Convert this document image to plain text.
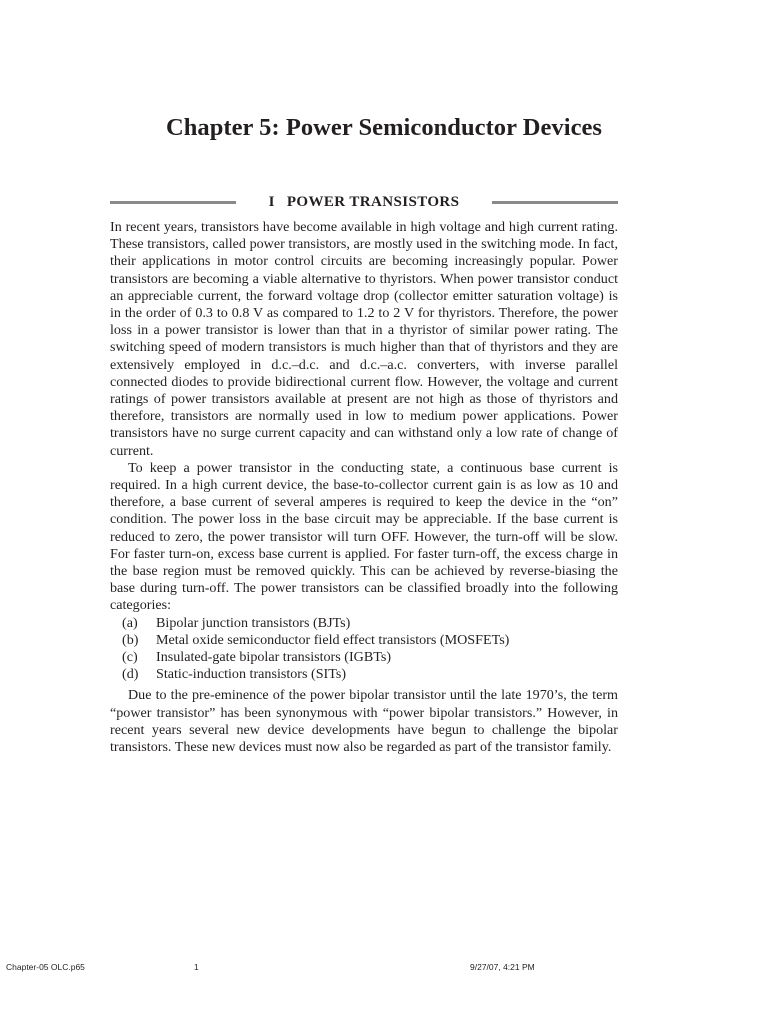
Chapter 5: Power Semiconductor Devices
I POWER TRANSISTORS

In recent years, transistors have become available in high voltage and high current rating. These transistors, called power transistors, are mostly used in the switching mode. In fact, their applications in motor control circuits are becoming increasingly popular. Power transistors are becoming a viable alternative to thyristors. When power transistor conduct an appreciable current, the forward voltage drop (collector emitter saturation voltage) is in the order of 0.3 to 0.8 V as compared to 1.2 to 2 V for thyristors. Therefore, the power loss in a power transistor is lower than that in a thyristor of similar power rating. The switching speed of modern transistors is much higher than that of thyristors and they are extensively employed in d.c.–d.c. and d.c.–a.c. converters, with inverse parallel connected diodes to provide bidirectional current flow. However, the voltage and current ratings of power transistors available at present are not high as those of thyristors and therefore, transistors are normally used in low to medium power applications. Power transistors have no surge current capacity and can withstand only a low rate of change of current.

To keep a power transistor in the conducting state, a continuous base current is required. In a high current device, the base-to-collector current gain is as low as 10 and therefore, a base current of several amperes is required to keep the device in the “on” condition. The power loss in the base circuit may be appreciable. If the base current is reduced to zero, the power transistor will turn OFF. However, the turn-off will be slow. For faster turn-on, excess base current is applied. For faster turn-off, the excess charge in the base region must be removed quickly. This can be achieved by reverse-biasing the base during turn-off. The power transistors can be classified broadly into the following categories:

(a)	Bipolar junction transistors (BJTs)
(b)	Metal oxide semiconductor field effect transistors (MOSFETs)
(c)	Insulated-gate bipolar transistors (IGBTs)
(d)	Static-induction transistors (SITs)

Due to the pre-eminence of the power bipolar transistor until the late 1970’s, the term “power transistor” has been synonymous with “power bipolar transistors.” However, in recent years several new device developments have begun to challenge the bipolar transistors. These new devices must now also be regarded as part of the transistor family.

Chapter-05 OLC.p65	1	9/27/07, 4:21 PM
